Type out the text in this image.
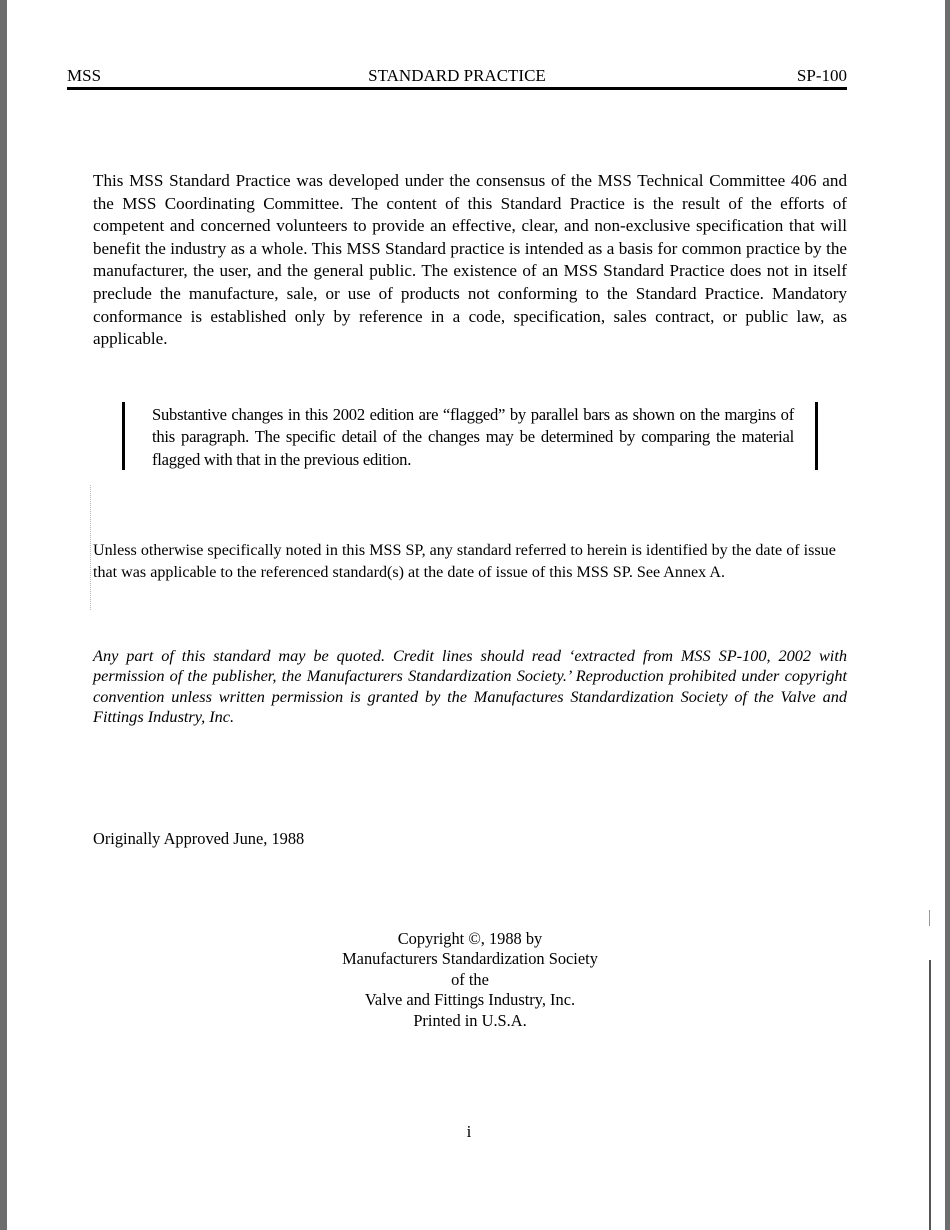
STANDARD PRACTICE
MSS	SP-100

This MSS Standard Practice was developed under the consensus of the MSS Technical Committee 406 and the MSS Coordinating Committee. The content of this Standard Practice is the result of the efforts of competent and concerned volunteers to provide an effective, clear, and non-exclusive specification that will benefit the industry as a whole. This MSS Standard practice is intended as a basis for common practice by the manufacturer, the user, and the general public. The existence of an MSS Standard Practice does not in itself preclude the manufacture, sale, or use of products not conforming to the Standard Practice. Mandatory conformance is established only by reference in a code, specification, sales contract, or public law, as applicable.

Substantive changes in this 2002 edition are “flagged” by parallel bars as shown on the margins of this paragraph. The specific detail of the changes may be determined by comparing the material flagged with that in the previous edition.

Unless otherwise specifically noted in this MSS SP, any standard referred to herein is identified by the date of issue that was applicable to the referenced standard(s) at the date of issue of this MSS SP. See Annex A.

Any part of this standard may be quoted. Credit lines should read ‘extracted from MSS SP-100, 2002 with permission of the publisher, the Manufacturers Standardization Society.’ Reproduction prohibited under copyright convention unless written permission is granted by the Manufactures Standardization Society of the Valve and Fittings Industry, Inc.

Originally Approved June, 1988

Copyright ©, 1988 by
Manufacturers Standardization Society
of the
Valve and Fittings Industry, Inc.
Printed in U.S.A.
i
